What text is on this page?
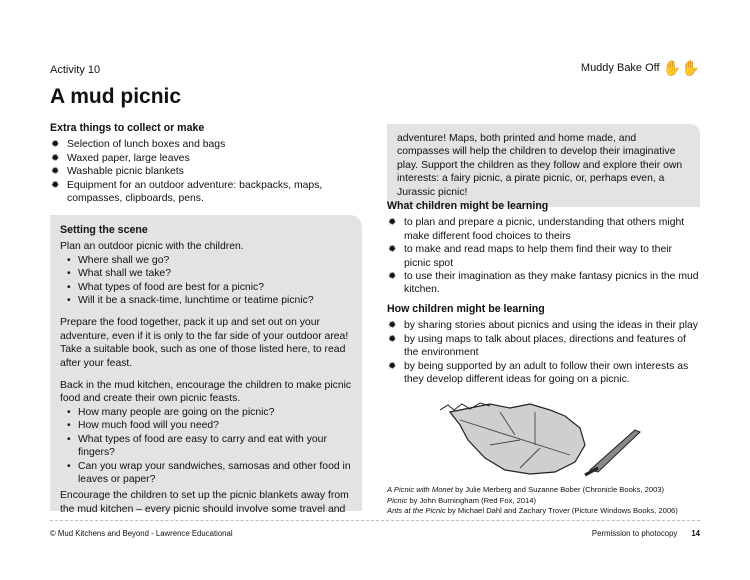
Activity 10	Muddy Bake Off ✋✋
A mud picnic
Extra things to collect or make
✹ Selection of lunch boxes and bags
✹ Waxed paper, large leaves
✹ Washable picnic blankets
✹ Equipment for an outdoor adventure: backpacks, maps, compasses, clipboards, pens.
Setting the scene

Plan an outdoor picnic with the children.

• Where shall we go?
• What shall we take?
• What types of food are best for a picnic?
• Will it be a snack-time, lunchtime or teatime picnic?

Prepare the food together, pack it up and set out on your adventure, even if it is only to the far side of your outdoor area! Take a suitable book, such as one of those listed here, to read after your feast.

Back in the mud kitchen, encourage the children to make picnic food and create their own picnic feasts.

• How many people are going on the picnic?
• How much food will you need?
• What types of food are easy to carry and eat with your fingers?
• Can you wrap your sandwiches, samosas and other food in leaves or paper?

Encourage the children to set up the picnic blankets away from the mud kitchen – every picnic should involve some travel and

adventure! Maps, both printed and home made, and compasses will help the children to develop their imaginative play. Support the children as they follow and explore their own interests: a fairy picnic, a pirate picnic, or, perhaps even, a Jurassic picnic!
What children might be learning
✹ to plan and prepare a picnic, understanding that others might make different food choices to theirs
✹ to make and read maps to help them find their way to their picnic spot
✹ to use their imagination as they make fantasy picnics in the mud kitchen.
How children might be learning
✹ by sharing stories about picnics and using the ideas in their play
✹ by using maps to talk about places, directions and features of the environment
✹ by being supported by an adult to follow their own interests as they develop different ideas for going on a picnic.
A Picnic with Monet by Julie Merberg and Suzanne Bober (Chronicle Books, 2003)
Picnic by John Burningham (Red Fox, 2014)
Ants at the Picnic by Michael Dahl and Zachary Trover (Picture Windows Books, 2006)
© Mud Kitchens and Beyond - Lawrence Educational	Permission to photocopy 14
